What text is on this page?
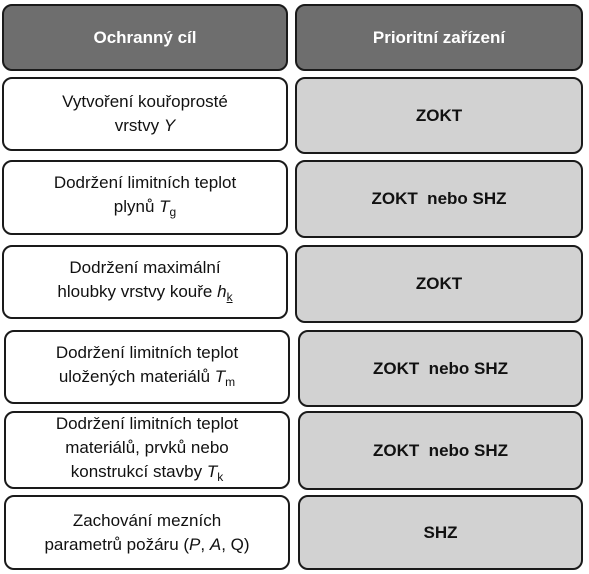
Ochranný cíl	Prioritní zařízení
Vytvoření kouřoprosté
vrstvy Y
ZOKT
Dodržení limitních teplot
plynů $T_g$
ZOKT  nebo SHZ
Dodržení maximální
hloubky vrstvy kouře $h_k$
ZOKT
Dodržení limitních teplot
uložených materiálů $T_m$
ZOKT  nebo SHZ
Dodržení limitních teplot
materiálů, prvků nebo
konstrukcí stavby $T_k$
ZOKT  nebo SHZ
Zachování mezních
parametrů požáru (P, A, Q)
SHZ
